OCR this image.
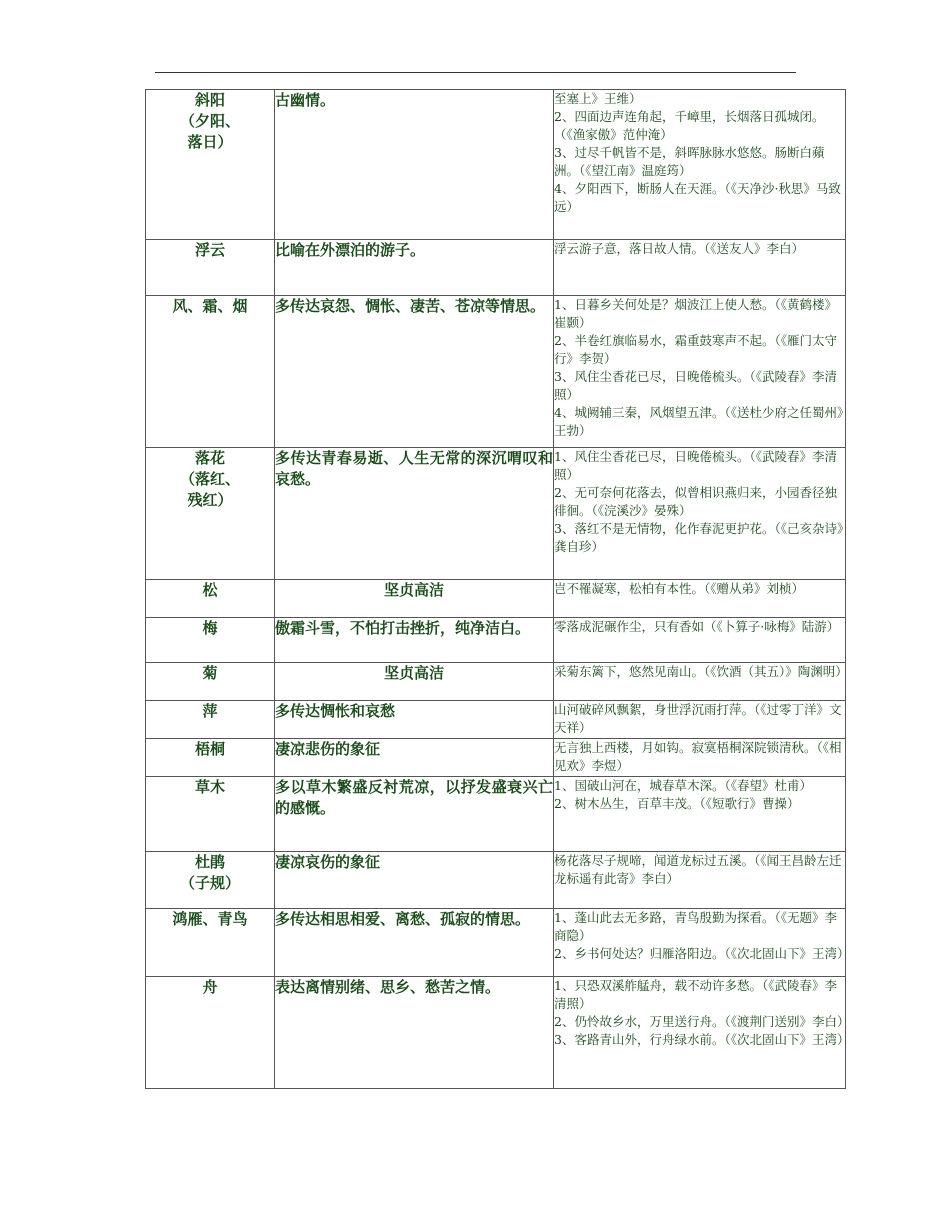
斜阳
（夕阳、
落日）	古幽情。	至塞上》王维）
2、四面边声连角起，千嶂里，长烟落日孤城闭。（《渔家傲》范仲淹）
3、过尽千帆皆不是，斜晖脉脉水悠悠。肠断白蘋洲。（《望江南》温庭筠）
4、夕阳西下，断肠人在天涯。（《天净沙·秋思》马致远）

浮云	比喻在外漂泊的游子。	浮云游子意，落日故人情。（《送友人》李白）

风、霜、烟	多传达哀怨、惆怅、凄苦、苍凉等情思。	1、日暮乡关何处是？烟波江上使人愁。（《黄鹤楼》崔颢）
2、半卷红旗临易水，霜重鼓寒声不起。（《雁门太守行》李贺）
3、风住尘香花已尽，日晚倦梳头。（《武陵春》李清照）
4、城阙辅三秦，风烟望五津。（《送杜少府之任蜀州》王勃）

落花
（落红、
残红）	多传达青春易逝、人生无常的深沉喟叹和哀愁。	1、风住尘香花已尽，日晚倦梳头。（《武陵春》李清照）
2、无可奈何花落去，似曾相识燕归来，小园香径独徘徊。（《浣溪沙》晏殊）
3、落红不是无情物，化作春泥更护花。（《己亥杂诗》龚自珍）

松	坚贞高洁	岂不罹凝寒，松柏有本性。（《赠从弟》刘桢）

梅	傲霜斗雪，不怕打击挫折，纯净洁白。	零落成泥碾作尘，只有香如（《卜算子·咏梅》陆游）

菊	坚贞高洁	采菊东篱下，悠然见南山。（《饮酒（其五）》陶渊明）

萍	多传达惆怅和哀愁	山河破碎风飘絮，身世浮沉雨打萍。（《过零丁洋》文天祥）

梧桐	凄凉悲伤的象征	无言独上西楼，月如钩。寂寞梧桐深院锁清秋。（《相见欢》李煜）

草木	多以草木繁盛反衬荒凉，以抒发盛衰兴亡的感慨。	1、国破山河在，城春草木深。（《春望》杜甫）
2、树木丛生，百草丰茂。（《短歌行》曹操）

杜鹃
（子规）	凄凉哀伤的象征	杨花落尽子规啼，闻道龙标过五溪。（《闻王昌龄左迁龙标遥有此寄》李白）

鸿雁、青鸟	多传达相思相爱、离愁、孤寂的情思。	1、蓬山此去无多路，青鸟殷勤为探看。（《无题》李商隐）
2、乡书何处达？归雁洛阳边。（《次北固山下》王湾）

舟	表达离情别绪、思乡、愁苦之情。	1、只恐双溪舴艋舟，载不动许多愁。（《武陵春》李清照）
2、仍怜故乡水，万里送行舟。（《渡荆门送别》李白）
3、客路青山外，行舟绿水前。（《次北固山下》王湾）
